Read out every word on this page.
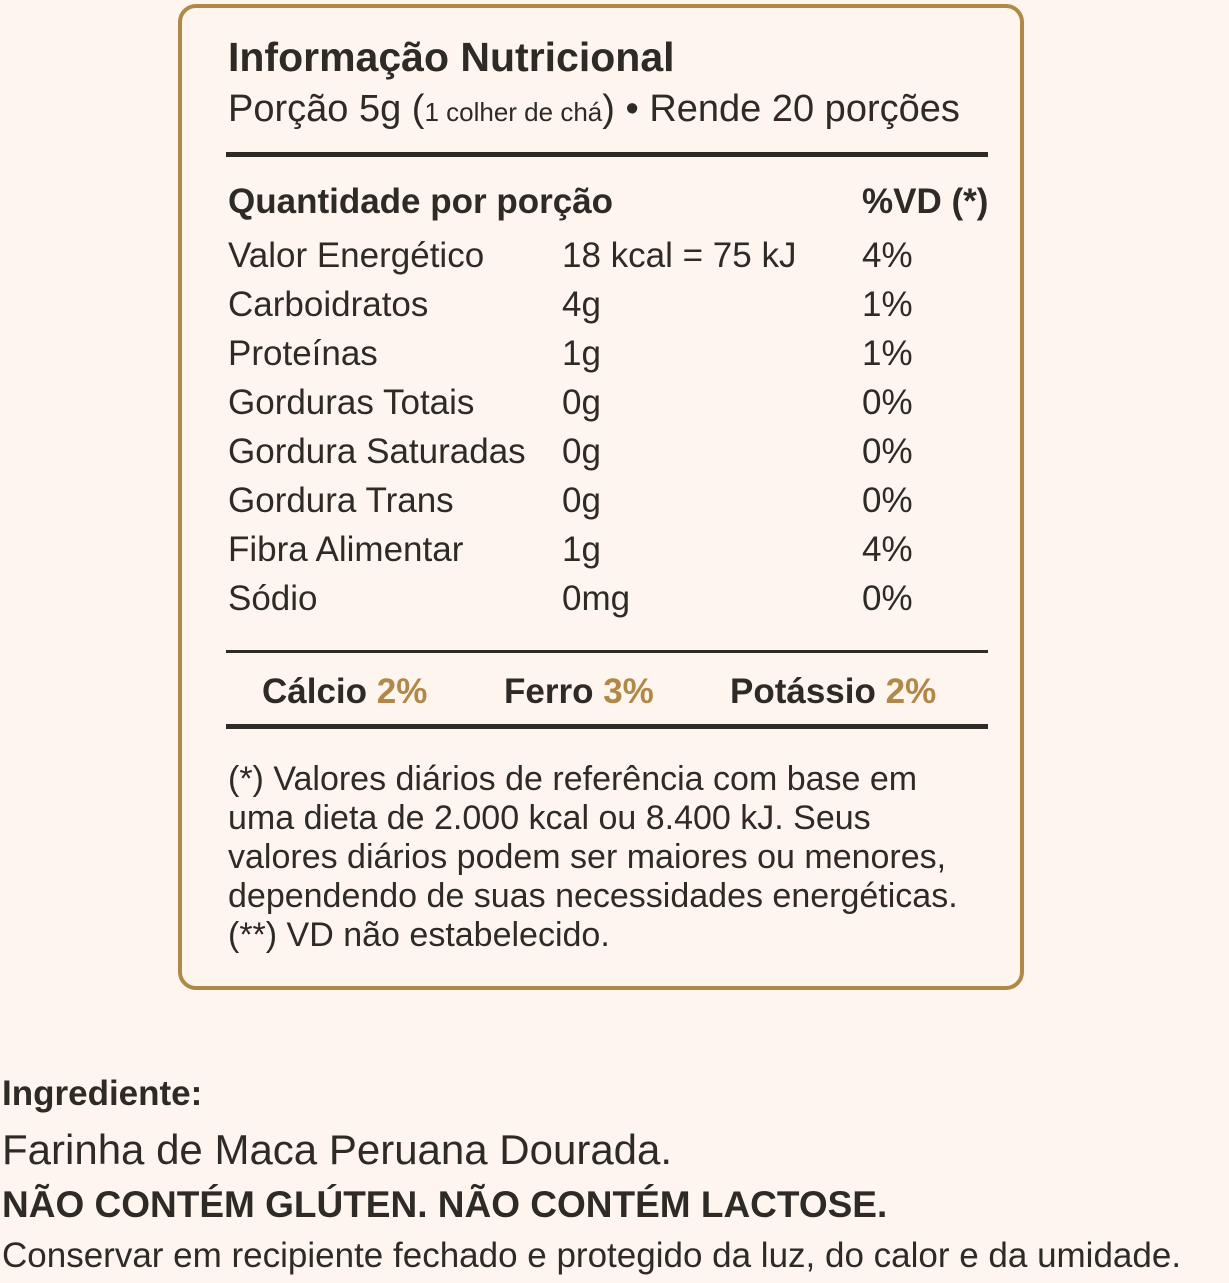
Informação Nutricional
Porção 5g (1 colher de chá) • Rende 20 porções
Quantidade por porção	%VD (*)
Valor Energético 18 kcal = 75 kJ 4%
Carboidratos	4g	1%
Proteínas	1g	1%
Gorduras Totais	0g	0%
Gordura Saturadas 0g	0%
Gordura Trans	0g	0%
Fibra Alimentar	1g	4%
Sódio	0mg	0%
Cálcio 2% Ferro 3% Potássio 2%
(*) Valores diários de referência com base em uma dieta de 2.000 kcal ou 8.400 kJ. Seus valores diários podem ser maiores ou menores, dependendo de suas necessidades energéticas. (**) VD não estabelecido.
Ingrediente:
Farinha de Maca Peruana Dourada.
NÃO CONTÉM GLÚTEN. NÃO CONTÉM LACTOSE.
Conservar em recipiente fechado e protegido da luz, do calor e da umidade.
